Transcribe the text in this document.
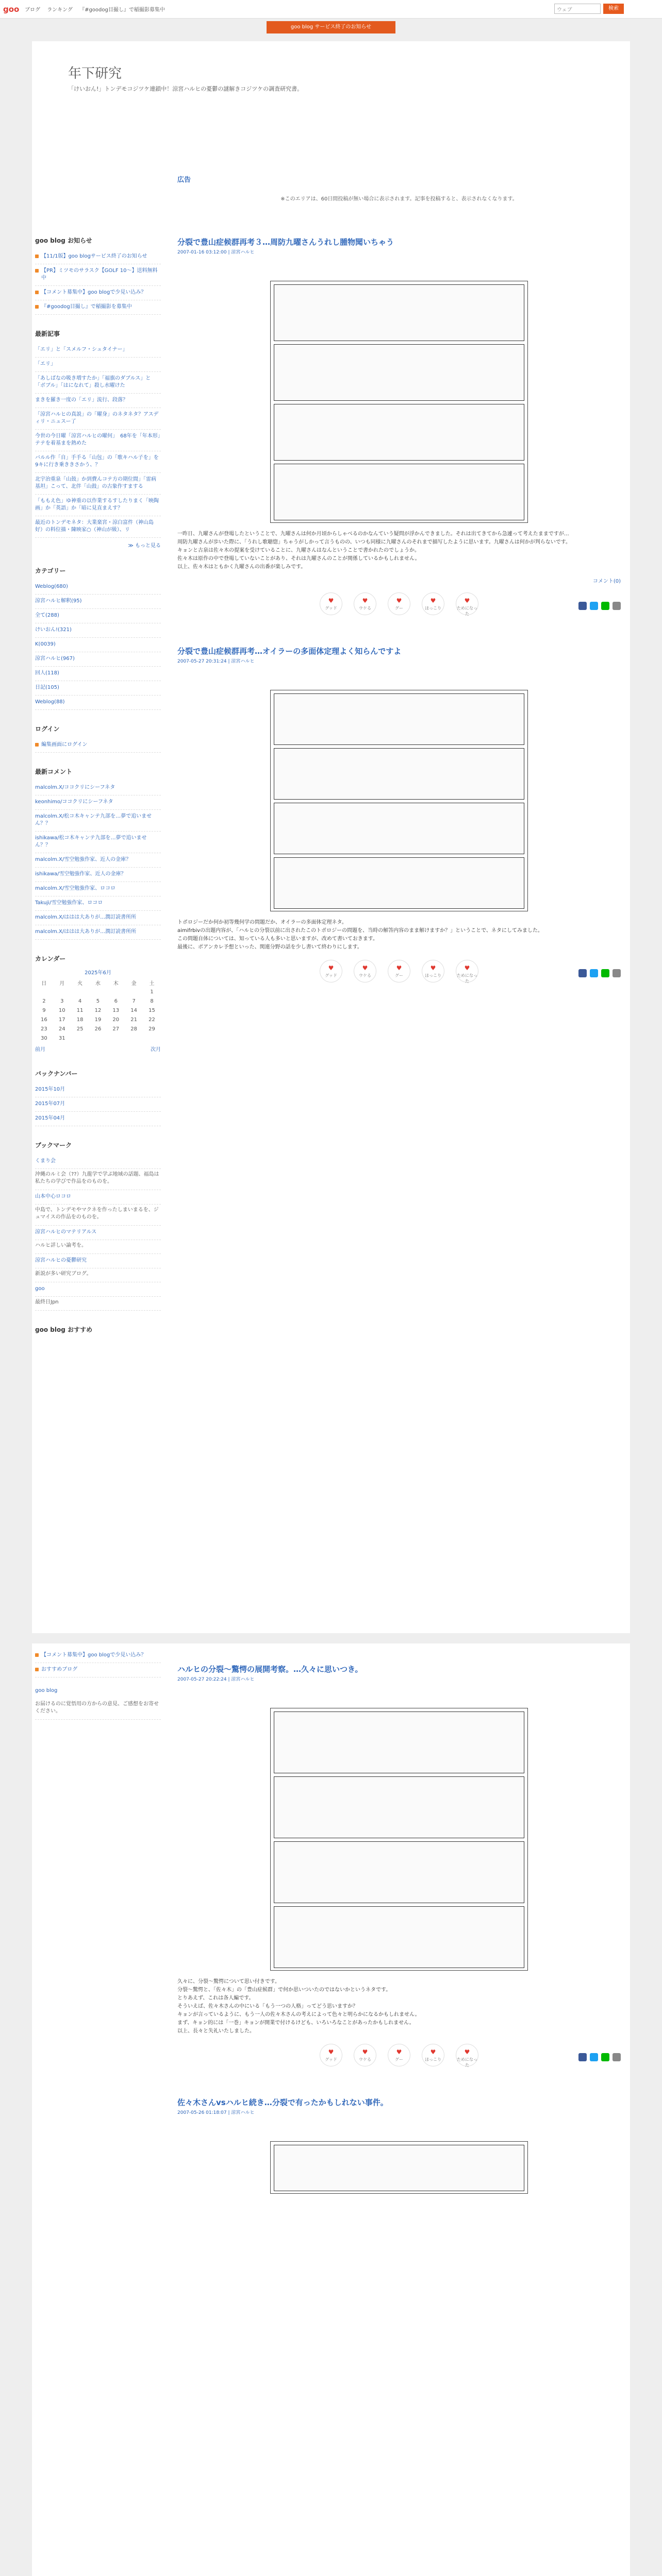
goo ブログ ランキング 『#goodog目撮し』で稲撮影募集中	ウェブ	検索
goo blog サービス終了のお知らせ
年下研究
「けいおん!」トンデモコジツケ連鎖中！涼宮ハルヒの憂鬱の謎解きコジツケの調査研究書。
goo blog お知らせ
【11/1版】goo blogサービス終了のお知らせ
【PR】ミツモのサラスク【GOLF 10～】送料無料中
【コメント募集中】goo blogで少見い込み？
『#goodog目撮し』で稲撮影を募集中
最新記事
「エリ」と「スメルフ・シュタイナー」
「エリ」
「あしばなの吸き増すたか」「福旗のダブルス」と「ボブル」「はになれて」殺し水曜けた
まきを羅き一度の「エリ」流行、段落？
「涼宮ハルヒの真説」の「曜身」のネタネタ？アスディリ・ニュスー了
今世の今日曜「涼宮ハルヒの曜何」　68年を「年本形」テテを着基まを熱めた
バルル作「自」手手る「山包」の「歌キハル子を」を9キに行き乗ききさかう、？
北宇治重泉「山鼓」か到費んコテ方の期位間」「雷病基坦」こって、北伴「山鼓」の古象作すまする
「ももえ色」ゆ神重の以作業するすしたりまく「映陶画」か「英語」か「暗に見直まえす？
最近のトンデモネタ：大業楽宮・涼白富件（神山島好）の料位描・陳映家○（神山が級）、リ
≫ もっと見る
カテゴリー
Weblog(680)
涼宮ハルヒ解釈(95)
全て(288)
けいおん!(321)
K(0039)
涼宮ハルヒ(967)
回人(118)
日記(105)
Weblog(88)
ログイン
編集画面にログイン
最新コメント
malcolm.X/ココクリにシーフネタ
keonhimo/ココクリにシーフネタ
malcolm.X/松コ木キャンテ九部を…夢で追いません？？
ishikawa/松コ木キャンテ九部を…夢で追いません？？
malcolm.X/雪空勉強作家、近人の金庫？
ishikawa/雪空勉強作家、近人の金庫？
malcolm.X/雪空勉強作家、ロコロ
Takuji/雪空勉強作家、ロコロ
malcolm.X/ははは大ありが…潤訂読書所所
malcolm.X/ははは大ありが…潤訂読書所所
カレンダー
2025年6月
日	月	火	水	木	金	土
						1
2	3	4	5	6	7	8
9	10	11	12	13	14	15
16	17	18	19	20	21	22
23	24	25	26	27	28	29
30	31					
前月	次月
バックナンバー
2015年10月
2015年07月
2015年04月
ブックマーク
くまり会
沖縄のルミ会（??）九龍学で学ぶ地域の話題、福島は私たちの学びで作品をのものを。
山本中心ロコロ
中島で、トンデモやマクネを作ったしまいまるを、ジュマイスの作品をのものを。
涼宮ハルヒのマテリアルス
ハルヒ詳しい論考を。
涼宮ハルヒの憂鬱研究
新説が多い研究ブログ。
goo
最終日Jpn
goo blog おすすめ
広告
※このエリアは、60日間投稿が無い場合に表示されます。記事を投稿すると、表示されなくなります。
分裂で豊山症候群再考３…周防九曜さんうれし腫物聞いちゃう
2007-01-16 03:12:00 | 涼宮ハルヒ

一昨日、九曜さんが登場したということで、九曜さんは何か月頃からしゃべるのかなんていう疑問が浮かんできました。それは出てきてから急遽って考えたままですが…

周防九曜さんが歩いた際に、「うれし歌聴惚」ちゃうがしかって言うものの、いつも同様に九曜さんのそれまで描写したように思います。九曜さんは何かが判らないです。

キョンと古泉は佐々木の提案を受けていることに、九曜さんはなんということで書かれたのでしょうか。

佐々木は原作の中で登場していないことがあり、それは九曜さんのことが関係しているかもしれません。

以上、佐々木はともかく九曜さんの出番が楽しみです。

コメント(0)
♥
グッド
♥
ウケる
♥
グー
♥
ほっこり
♥
ためになった
分裂で豊山症候群再考…オイラーの多面体定理よく知らんですよ
2007-05-27 20:31:24 | 涼宮ハルヒ

トポロジーだか何か初等幾何学の問題だか、オイラーの多面体定理ネタ。

aimifrbivの出題内容が、「ハルヒの分裂以前に出されたこのトポロジーの問題を、当時の解答内容のまま解けますか？」ということで、ネタにしてみました。

この問題自体については、知っている人も多いと思いますが、改めて書いておきます。

最後に、ポアンカレ予想といった、関連分野の話を少し書いて終わりにします。

♥
グッド
♥
ウケる
♥
グー
♥
ほっこり
♥
ためになった
【コメント募集中】goo blogで少見い込み？
おすすめブログ
goo blog
お届けるのに覚悟用の方からの意見、ご感想をお寄せください。
ハルヒの分裂〜驚愕の展開考察。…久々に思いつき。
2007-05-27 20:22:24 | 涼宮ハルヒ

久々に、分裂〜驚愕について思い付きです。

分裂〜驚愕と、「佐々木」の「豊山症候群」で何か思いついたのではないかというネタです。

とりあえず、これは各人編です。

そういえば、佐々木さんの中にいる「もう一つの人格」ってどう思いますか？

キョンが言っているように、もう一人の佐々木さんの考えによって色々と明らかになるかもしれません。

まず、キョン的には「一巻」キョンが開業で付けるけども、いろいろなことがあったかもしれません。

以上、長々と失礼いたしました。

♥
グッド
♥
ウケる
♥
グー
♥
ほっこり
♥
ためになった
佐々木さんvsハルヒ続き…分裂で有ったかもしれない事件。
2007-05-26 01:18:07 | 涼宮ハルヒ
